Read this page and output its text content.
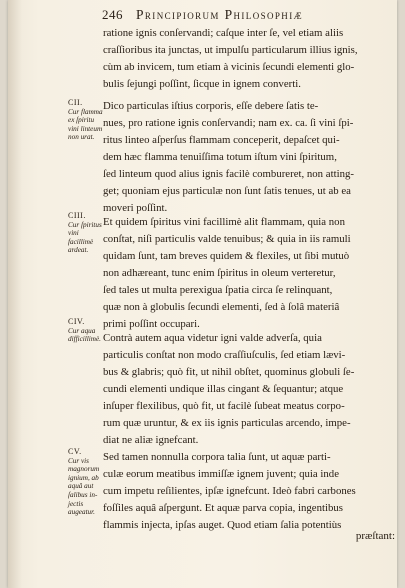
246 Principiorum Philosophiæ
ratione ignis conſervandi; caſque inter ſe, vel etiam aliis
craſſioribus ita junctas, ut impulſu particularum illius ignis,
cùm ab invicem, tum etiam à vicinis ſecundi elementi glo-
bulis ſejungi poſſint, ſicque in ignem converti.
Dico particulas iſtius corporis, eſſe debere ſatis te-
nues, pro ratione ignis conſervandi; nam ex. ca. ſi vini ſpi-
ritus linteo aſperſus flammam conceperit, depaſcet qui-
dem hæc flamma tenuiſſima totum iſtum vini ſpiritum,
ſed linteum quod alius ignis facilè combureret, non atting-
get; quoniam ejus particulæ non ſunt ſatis tenues, ut ab ea
moveri poſſint.
Et quidem ſpiritus vini facillimè alit flammam, quia non
conſtat, niſi particulis valde tenuibus; & quia in iis ramuli
quidam ſunt, tam breves quidem & flexiles, ut ſibi mutuò
non adhæreant, tunc enim ſpiritus in oleum verteretur,
ſed tales ut multa perexigua ſpatia circa ſe relinquant,
quæ non à globulis ſecundi elementi, ſed à ſolâ materiâ
primi poſſint occupari.
Contrà autem aqua videtur igni valde adverſa, quia
particulis conſtat non modo craſſiuſculis, ſed etiam lævi-
bus & glabris; quò fit, ut nihil obſtet, quominus globuli ſe-
cundi elementi undique illas cingant & ſequantur; atque
inſuper flexilibus, quò fit, ut facilè ſubeat meatus corpo-
rum quæ uruntur, & ex iis ignis particulas arcendo, impe-
diat ne aliæ ignefcant.
Sed tamen nonnulla corpora talia ſunt, ut aquæ parti-
culæ eorum meatibus immiſſæ ignem juvent; quia inde
cum impetu reſilientes, ipſæ ignefcunt. Ideò fabri carbones
foſſiles aquâ aſpergunt. Et aquæ parva copia, ingentibus
flammis injecta, ipſas auget. Quod etiam ſalia potentiùs
præſtant:
CII.
Cur flamma ex ſpiritu vini linteum non urat.
CIII.
Cur ſpiritus vini facillimè ardeat.
CIV.
Cur aqua difficillimè.
CV.
Cur vis magnorum ignium, ab aquâ aut ſalibus in-jectis augeatur.
